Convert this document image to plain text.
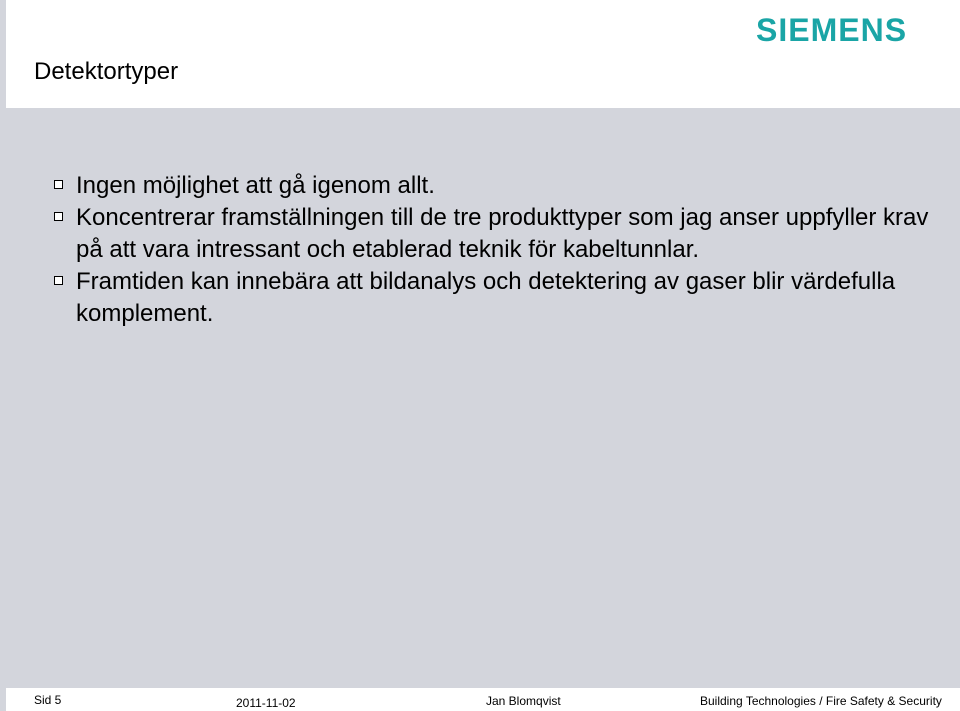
Detektortyper
SIEMENS
Ingen möjlighet att gå igenom allt.
Koncentrerar framställningen till de tre produkttyper som jag anser uppfyller krav på att vara intressant och etablerad teknik för kabeltunnlar.
Framtiden kan innebära att bildanalys och detektering av gaser blir värdefulla komplement.
Sid 5	2011-11-02	Jan Blomqvist	Building Technologies / Fire Safety & Security
